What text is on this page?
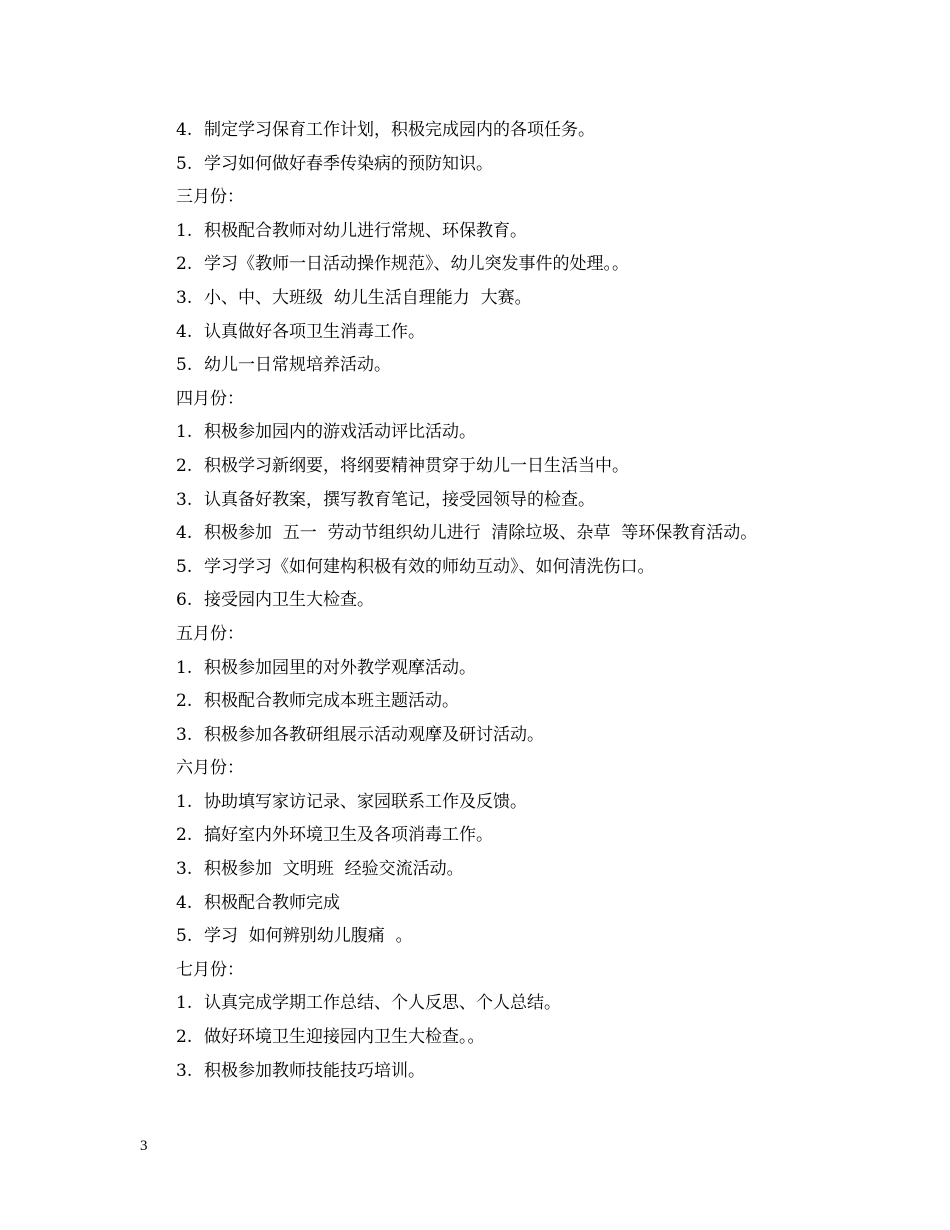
4. 制定学习保育工作计划，积极完成园内的各项任务。
5. 学习如何做好春季传染病的预防知识。
三月份：
1. 积极配合教师对幼儿进行常规、环保教育。
2. 学习《教师一日活动操作规范》、幼儿突发事件的处理。。
3. 小、中、大班级  幼儿生活自理能力  大赛。
4. 认真做好各项卫生消毒工作。
5. 幼儿一日常规培养活动。
四月份：
1. 积极参加园内的游戏活动评比活动。
2. 积极学习新纲要，将纲要精神贯穿于幼儿一日生活当中。
3. 认真备好教案，撰写教育笔记，接受园领导的检查。
4. 积极参加  五一  劳动节组织幼儿进行  清除垃圾、杂草  等环保教育活动。
5. 学习学习《如何建构积极有效的师幼互动》、如何清洗伤口。
6. 接受园内卫生大检查。
五月份：
1. 积极参加园里的对外教学观摩活动。
2. 积极配合教师完成本班主题活动。
3. 积极参加各教研组展示活动观摩及研讨活动。
六月份：
1. 协助填写家访记录、家园联系工作及反馈。
2. 搞好室内外环境卫生及各项消毒工作。
3. 积极参加  文明班  经验交流活动。
4. 积极配合教师完成
5. 学习  如何辨别幼儿腹痛  。
七月份：
1. 认真完成学期工作总结、个人反思、个人总结。
2. 做好环境卫生迎接园内卫生大检查。。
3. 积极参加教师技能技巧培训。
3
